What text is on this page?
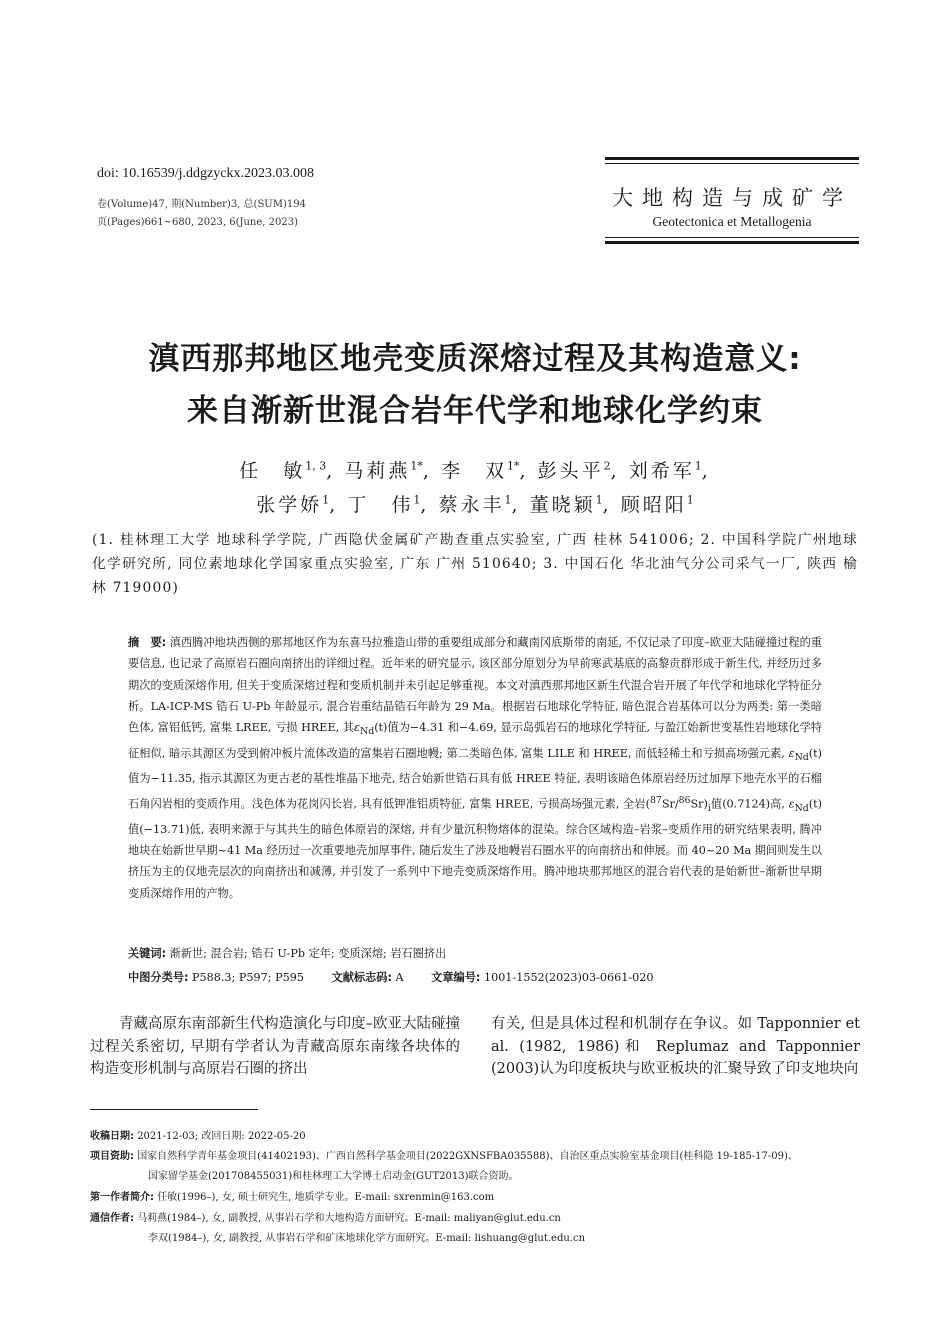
doi: 10.16539/j.ddgzyckx.2023.03.008
卷(Volume)47, 期(Number)3, 总(SUM)194
页(Pages)661~680, 2023, 6(June, 2023)
大地构造与成矿学
Geotectonica et Metallogenia
滇西那邦地区地壳变质深熔过程及其构造意义:
来自渐新世混合岩年代学和地球化学约束
任　敏$^{1, 3}$, 马莉燕$^{1*}$, 李　双$^{1*}$, 彭头平$^2$, 刘希军$^1$,
张学娇$^1$, 丁　伟$^1$, 蔡永丰$^1$, 董晓颖$^1$, 顾昭阳$^1$
(1. 桂林理工大学 地球科学学院, 广西隐伏金属矿产勘查重点实验室, 广西 桂林 541006; 2. 中国科学院广州地球化学研究所, 同位素地球化学国家重点实验室, 广东 广州 510640; 3. 中国石化 华北油气分公司采气一厂, 陕西 榆林 719000)
摘　要: 滇西腾冲地块西侧的那邦地区作为东喜马拉雅造山带的重要组成部分和藏南冈底斯带的南延, 不仅记录了印度–欧亚大陆碰撞过程的重要信息, 也记录了高原岩石圈向南挤出的详细过程。近年来的研究显示, 该区部分原划分为早前寒武基底的高黎贡群形成于新生代, 并经历过多期次的变质深熔作用, 但关于变质深熔过程和变质机制并未引起足够重视。本文对滇西那邦地区新生代混合岩开展了年代学和地球化学特征分析。LA-ICP-MS 锆石 U-Pb 年龄显示, 混合岩重结晶锆石年龄为 29 Ma。根据岩石地球化学特征, 暗色混合岩基体可以分为两类: 第一类暗色体, 富铝低钙, 富集 LREE, 亏损 HREE, 其$\varepsilon_{Nd}(t)$值为−4.31 和−4.69, 显示岛弧岩石的地球化学特征, 与盈江始新世变基性岩地球化学特征相似, 暗示其源区为受到俯冲板片流体改造的富集岩石圈地幔; 第二类暗色体, 富集 LILE 和 HREE, 而低轻稀土和亏损高场强元素, $\varepsilon_{Nd}(t)$值为−11.35, 指示其源区为更古老的基性堆晶下地壳, 结合始新世锆石具有低 HREE 特征, 表明该暗色体原岩经历过加厚下地壳水平的石榴石角闪岩相的变质作用。浅色体为花岗闪长岩, 具有低钾准铝质特征, 富集 HREE, 亏损高场强元素, 全岩$(^{87}Sr/^{86}Sr)_i$值(0.7124)高, $\varepsilon_{Nd}(t)$值(−13.71)低, 表明来源于与其共生的暗色体原岩的深熔, 并有少量沉积物熔体的混染。综合区域构造–岩浆–变质作用的研究结果表明, 腾冲地块在始新世早期~41 Ma 经历过一次重要地壳加厚事件, 随后发生了涉及地幔岩石圈水平的向南挤出和伸展。而 40~20 Ma 期间则发生以挤压为主的仅地壳层次的向南挤出和减薄, 并引发了一系列中下地壳变质深熔作用。腾冲地块那邦地区的混合岩代表的是始新世–渐新世早期变质深熔作用的产物。
关键词: 渐新世; 混合岩; 锆石 U-Pb 定年; 变质深熔; 岩石圈挤出
中图分类号: P588.3; P597; P595 文献标志码: A 文章编号: 1001-1552(2023)03-0661-020
青藏高原东南部新生代构造演化与印度–欧亚大陆碰撞过程关系密切, 早期有学者认为青藏高原东南缘各块体的构造变形机制与高原岩石圈的挤出
有关, 但是具体过程和机制存在争议。如 Tapponnier et al. (1982, 1986)和 Replumaz and Tapponnier (2003)认为印度板块与欧亚板块的汇聚导致了印支地块向
收稿日期: 2021-12-03; 改回日期: 2022-05-20
项目资助: 国家自然科学青年基金项目(41402193)、广西自然科学基金项目(2022GXNSFBA035588)、自治区重点实验室基金项目(桂科隐 19-185-17-09)、
国家留学基金(201708455031)和桂林理工大学博士启动金(GUT2013)联合资助。
第一作者简介: 任敏(1996–), 女, 硕士研究生, 地质学专业。E-mail: sxrenmin@163.com
通信作者: 马莉燕(1984–), 女, 副教授, 从事岩石学和大地构造方面研究。E-mail: maliyan@glut.edu.cn
李双(1984–), 女, 副教授, 从事岩石学和矿床地球化学方面研究。E-mail: lishuang@glut.edu.cn
